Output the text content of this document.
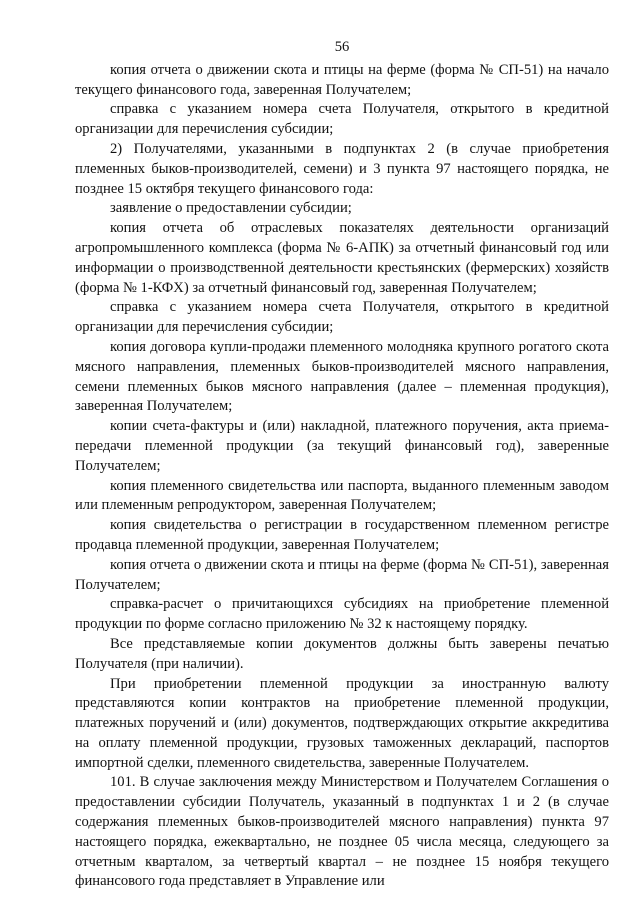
56

копия отчета о движении скота и птицы на ферме (форма № СП-51) на начало текущего финансового года, заверенная Получателем;

справка с указанием номера счета Получателя, открытого в кредитной организации для перечисления субсидии;

2) Получателями, указанными в подпунктах 2 (в случае приобретения племенных быков-производителей, семени) и 3 пункта 97 настоящего порядка, не позднее 15 октября текущего финансового года:

заявление о предоставлении субсидии;

копия отчета об отраслевых показателях деятельности организаций агропромышленного комплекса (форма № 6-АПК) за отчетный финансовый год или информации о производственной деятельности крестьянских (фермерских) хозяйств (форма № 1-КФХ) за отчетный финансовый год, заверенная Получателем;

справка с указанием номера счета Получателя, открытого в кредитной организации для перечисления субсидии;

копия договора купли-продажи племенного молодняка крупного рогатого скота мясного направления, племенных быков-производителей мясного направления, семени племенных быков мясного направления (далее – племенная продукция), заверенная Получателем;

копии счета-фактуры и (или) накладной, платежного поручения, акта приема-передачи племенной продукции (за текущий финансовый год), заверенные Получателем;

копия племенного свидетельства или паспорта, выданного племенным заводом или племенным репродуктором, заверенная Получателем;

копия свидетельства о регистрации в государственном племенном регистре продавца племенной продукции, заверенная Получателем;

копия отчета о движении скота и птицы на ферме (форма № СП-51), заверенная Получателем;

справка-расчет о причитающихся субсидиях на приобретение племенной продукции по форме согласно приложению № 32 к настоящему порядку.

Все представляемые копии документов должны быть заверены печатью Получателя (при наличии).

При приобретении племенной продукции за иностранную валюту представляются копии контрактов на приобретение племенной продукции, платежных поручений и (или) документов, подтверждающих открытие аккредитива на оплату племенной продукции, грузовых таможенных деклараций, паспортов импортной сделки, племенного свидетельства, заверенные Получателем.

101. В случае заключения между Министерством и Получателем Соглашения о предоставлении субсидии Получатель, указанный в подпунктах 1 и 2 (в случае содержания племенных быков-производителей мясного направления) пункта 97 настоящего порядка, ежеквартально, не позднее 05 числа месяца, следующего за отчетным кварталом, за четвертый квартал – не позднее 15 ноября текущего финансового года представляет в Управление или
